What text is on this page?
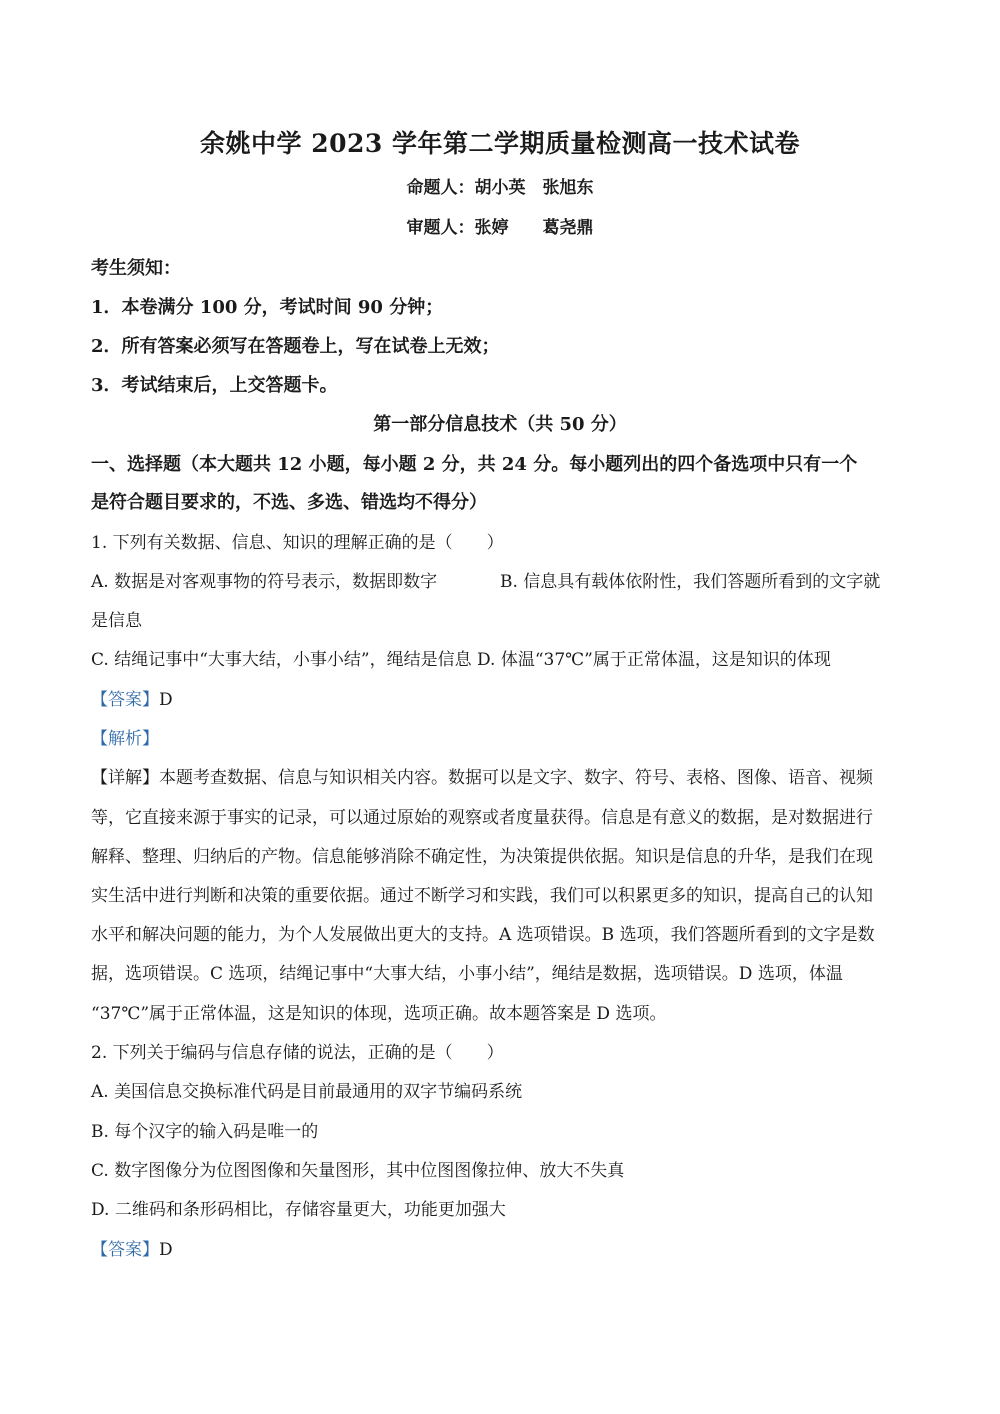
余姚中学 2023 学年第二学期质量检测高一技术试卷
命题人：胡小英　张旭东
审题人：张婷　　葛尧鼎
考生须知：
1．本卷满分 100 分，考试时间 90 分钟；
2．所有答案必须写在答题卷上，写在试卷上无效；
3．考试结束后，上交答题卡。
第一部分信息技术（共 50 分）
一、选择题（本大题共 12 小题，每小题 2 分，共 24 分。每小题列出的四个备选项中只有一个
是符合题目要求的，不选、多选、错选均不得分）
1. 下列有关数据、信息、知识的理解正确的是（　　）
A. 数据是对客观事物的符号表示，数据即数字	B. 信息具有载体依附性，我们答题所看到的文字就
是信息
C. 结绳记事中“大事大结，小事小结”，绳结是信息 D. 体温“37℃”属于正常体温，这是知识的体现
【答案】D
【解析】
【详解】本题考查数据、信息与知识相关内容。数据可以是文字、数字、符号、表格、图像、语音、视频
等，它直接来源于事实的记录，可以通过原始的观察或者度量获得。信息是有意义的数据，是对数据进行
解释、整理、归纳后的产物。信息能够消除不确定性，为决策提供依据。知识是信息的升华，是我们在现
实生活中进行判断和决策的重要依据。通过不断学习和实践，我们可以积累更多的知识，提高自己的认知
水平和解决问题的能力，为个人发展做出更大的支持。A 选项错误。B 选项，我们答题所看到的文字是数
据，选项错误。C 选项，结绳记事中“大事大结，小事小结”，绳结是数据，选项错误。D 选项，体温
“37℃”属于正常体温，这是知识的体现，选项正确。故本题答案是 D 选项。
2. 下列关于编码与信息存储的说法，正确的是（　　）
A. 美国信息交换标准代码是目前最通用的双字节编码系统
B. 每个汉字的输入码是唯一的
C. 数字图像分为位图图像和矢量图形，其中位图图像拉伸、放大不失真
D. 二维码和条形码相比，存储容量更大，功能更加强大
【答案】D
